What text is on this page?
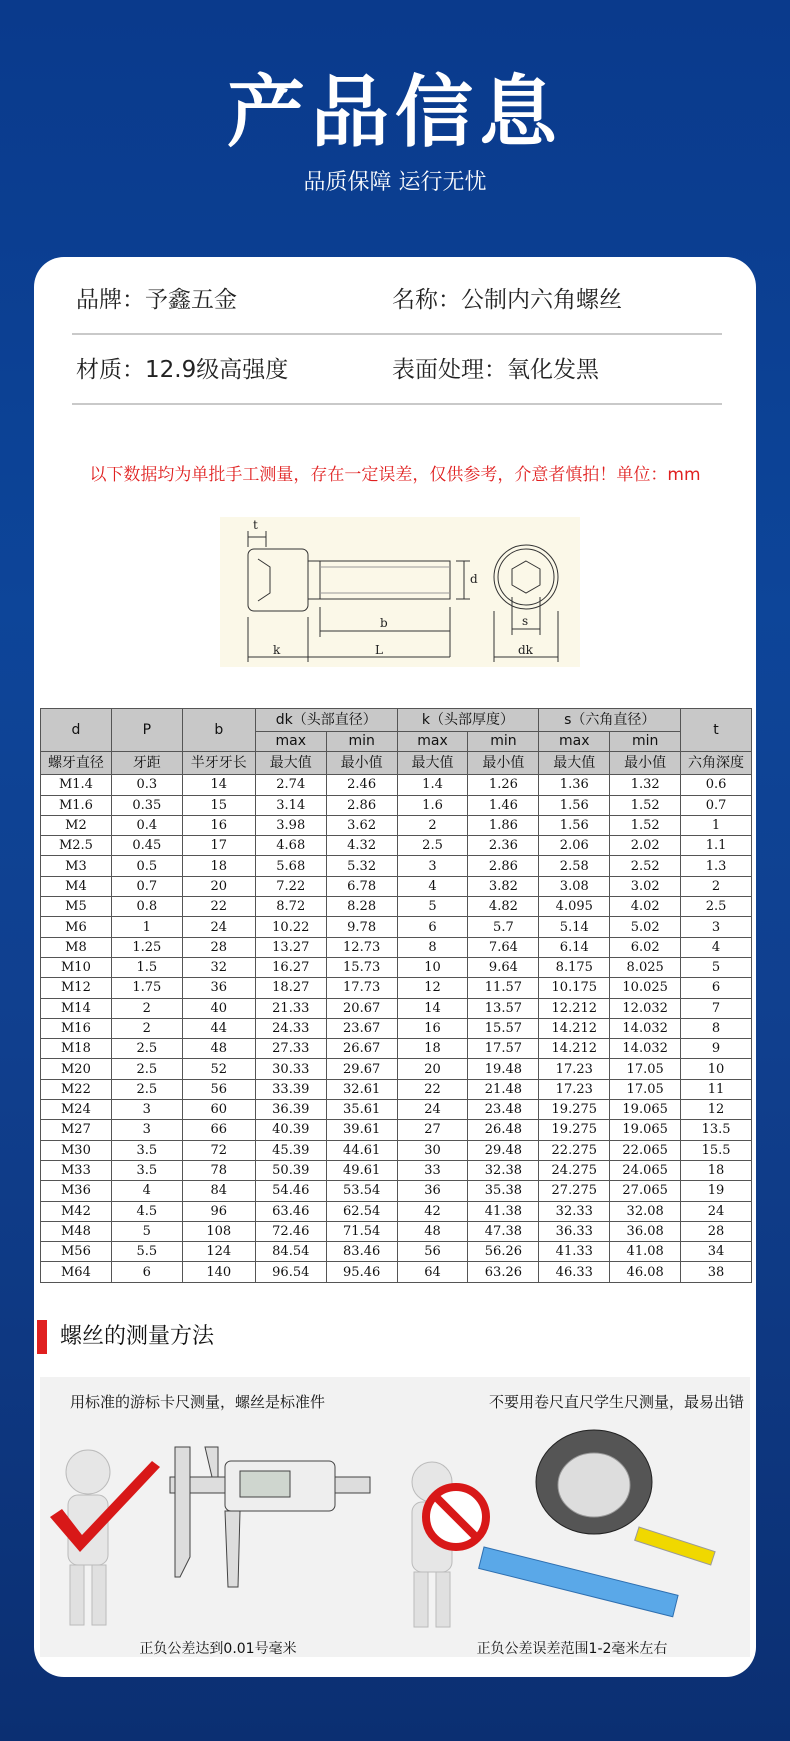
产品信息
品质保障 运行无忧
品牌：予鑫五金	名称：公制内六角螺丝
材质：12.9级高强度	表面处理：氧化发黑
以下数据均为单批手工测量，存在一定误差，仅供参考，介意者慎拍！单位：mm
t
d
b
k	L
s
dk
d	P	b	dk（头部直径）		k（头部厚度）		s（六角直径）		t
			max	min	max	min	max	min	
螺牙直径	牙距	半牙牙长	最大值	最小值	最大值	最小值	最大值	最小值	六角深度
M1.4	0.3	14	2.74	2.46	1.4	1.26	1.36	1.32	0.6
M1.6	0.35	15	3.14	2.86	1.6	1.46	1.56	1.52	0.7
M2	0.4	16	3.98	3.62	2	1.86	1.56	1.52	1
M2.5	0.45	17	4.68	4.32	2.5	2.36	2.06	2.02	1.1
M3	0.5	18	5.68	5.32	3	2.86	2.58	2.52	1.3
M4	0.7	20	7.22	6.78	4	3.82	3.08	3.02	2
M5	0.8	22	8.72	8.28	5	4.82	4.095	4.02	2.5
M6	1	24	10.22	9.78	6	5.7	5.14	5.02	3
M8	1.25	28	13.27	12.73	8	7.64	6.14	6.02	4
M10	1.5	32	16.27	15.73	10	9.64	8.175	8.025	5
M12	1.75	36	18.27	17.73	12	11.57	10.175	10.025	6
M14	2	40	21.33	20.67	14	13.57	12.212	12.032	7
M16	2	44	24.33	23.67	16	15.57	14.212	14.032	8
M18	2.5	48	27.33	26.67	18	17.57	14.212	14.032	9
M20	2.5	52	30.33	29.67	20	19.48	17.23	17.05	10
M22	2.5	56	33.39	32.61	22	21.48	17.23	17.05	11
M24	3	60	36.39	35.61	24	23.48	19.275	19.065	12
M27	3	66	40.39	39.61	27	26.48	19.275	19.065	13.5
M30	3.5	72	45.39	44.61	30	29.48	22.275	22.065	15.5
M33	3.5	78	50.39	49.61	33	32.38	24.275	24.065	18
M36	4	84	54.46	53.54	36	35.38	27.275	27.065	19
M42	4.5	96	63.46	62.54	42	41.38	32.33	32.08	24
M48	5	108	72.46	71.54	48	47.38	36.33	36.08	28
M56	5.5	124	84.54	83.46	56	56.26	41.33	41.08	34
M64	6	140	96.54	95.46	64	63.26	46.33	46.08	38
螺丝的测量方法
用标准的游标卡尺测量，螺丝是标准件	不要用卷尺直尺学生尺测量，最易出错
正负公差达到0.01号毫米	正负公差误差范围1-2毫米左右
